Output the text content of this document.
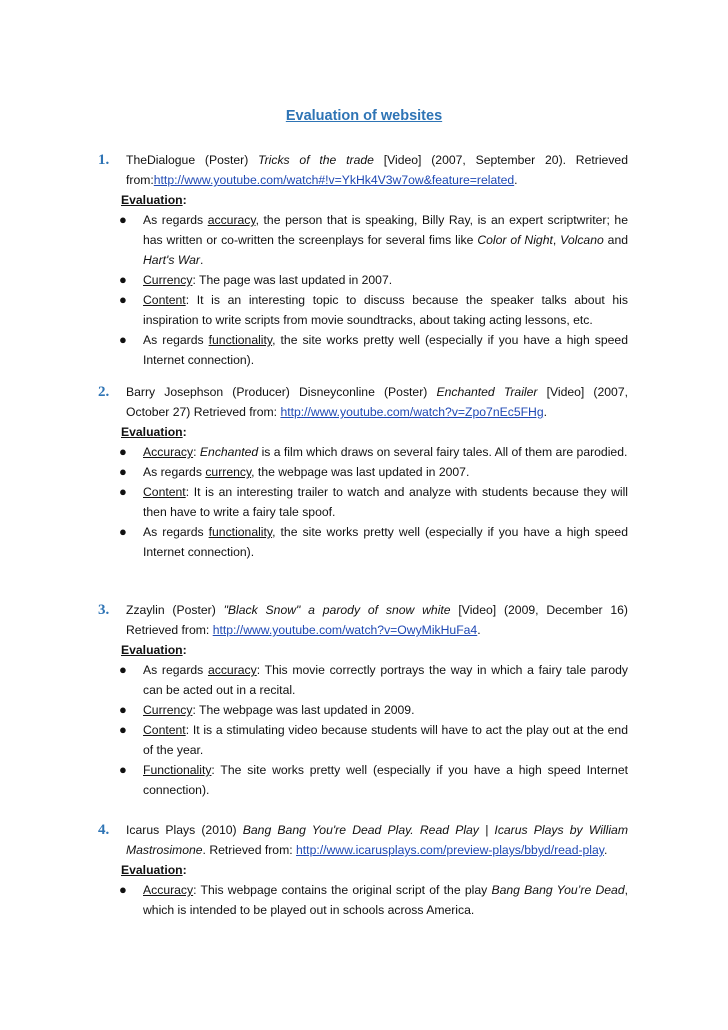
Evaluation of websites
1.	TheDialogue (Poster) Tricks of the trade [Video] (2007, September 20). Retrieved from:http://www.youtube.com/watch#!v=YkHk4V3w7ow&feature=related.
Evaluation:
● As regards accuracy, the person that is speaking, Billy Ray, is an expert scriptwriter; he has written or co-written the screenplays for several fims like Color of Night, Volcano and Hart's War.
● Currency: The page was last updated in 2007.
● Content: It is an interesting topic to discuss because the speaker talks about his inspiration to write scripts from movie soundtracks, about taking acting lessons, etc.
● As regards functionality, the site works pretty well (especially if you have a high speed Internet connection).
2.	Barry Josephson (Producer) Disneyconline (Poster) Enchanted Trailer [Video] (2007, October 27) Retrieved from: http://www.youtube.com/watch?v=Zpo7nEc5FHg.
Evaluation:
● Accuracy: Enchanted is a film which draws on several fairy tales. All of them are parodied.
● As regards currency, the webpage was last updated in 2007.
● Content: It is an interesting trailer to watch and analyze with students because they will then have to write a fairy tale spoof.
● As regards functionality, the site works pretty well (especially if you have a high speed Internet connection).
3.	Zzaylin (Poster) "Black Snow" a parody of snow white [Video] (2009, December 16) Retrieved from: http://www.youtube.com/watch?v=OwyMikHuFa4.
Evaluation:
● As regards accuracy: This movie correctly portrays the way in which a fairy tale parody can be acted out in a recital.
● Currency: The webpage was last updated in 2009.
● Content: It is a stimulating video because students will have to act the play out at the end of the year.
● Functionality: The site works pretty well (especially if you have a high speed Internet connection).
4.	Icarus Plays (2010) Bang Bang You're Dead Play. Read Play | Icarus Plays by William Mastrosimone. Retrieved from: http://www.icarusplays.com/preview-plays/bbyd/read-play.
Evaluation:
● Accuracy: This webpage contains the original script of the play Bang Bang You’re Dead, which is intended to be played out in schools across America.
